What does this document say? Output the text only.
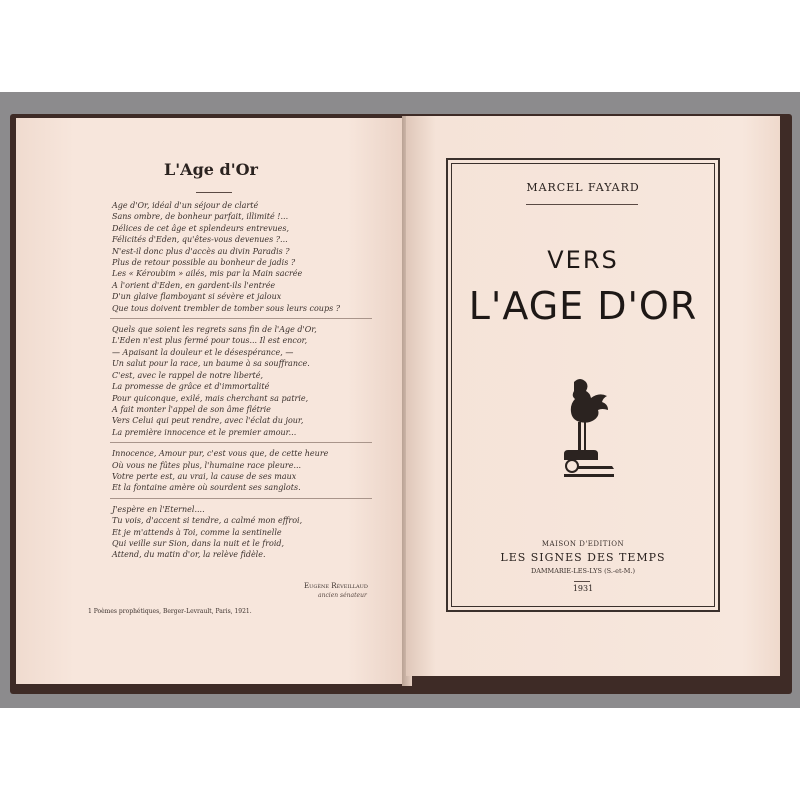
L'Age d'Or
Age d'Or, idéal d'un séjour de clarté
Sans ombre, de bonheur parfait, illimité !...
Délices de cet âge et splendeurs entrevues,
Félicités d'Eden, qu'êtes-vous devenues ?...
N'est-il donc plus d'accès au divin Paradis ?
Plus de retour possible au bonheur de jadis ?
Les « Kéroubim » ailés, mis par la Main sacrée
A l'orient d'Eden, en gardent-ils l'entrée
D'un glaive flamboyant si sévère et jaloux
Que tous doivent trembler de tomber sous leurs coups ?
Quels que soient les regrets sans fin de l'Age d'Or,
L'Eden n'est plus fermé pour tous... Il est encor,
— Apaisant la douleur et le désespérance, —
Un salut pour la race, un baume à sa souffrance.
C'est, avec le rappel de notre liberté,
La promesse de grâce et d'immortalité
Pour quiconque, exilé, mais cherchant sa patrie,
A fait monter l'appel de son âme flétrie
Vers Celui qui peut rendre, avec l'éclat du jour,
La première innocence et le premier amour...
Innocence, Amour pur, c'est vous que, de cette heure
Où vous ne fûtes plus, l'humaine race pleure...
Votre perte est, au vrai, la cause de ses maux
Et la fontaine amère où sourdent ses sanglots.
J'espère en l'Eternel....
Tu vois, d'accent si tendre, a calmé mon effroi,
Et je m'attends à Toi, comme la sentinelle
Qui veille sur Sion, dans la nuit et le froid,
Attend, du matin d'or, la relève fidèle.
Eugène Réveillaud
ancien sénateur
1 Poèmes prophétiques, Berger-Levrault, Paris, 1921.
MARCEL FAYARD
VERS
L'AGE D'OR
MAISON D'EDITION
LES SIGNES DES TEMPS
DAMMARIE-LES-LYS (S.-et-M.)
1931
